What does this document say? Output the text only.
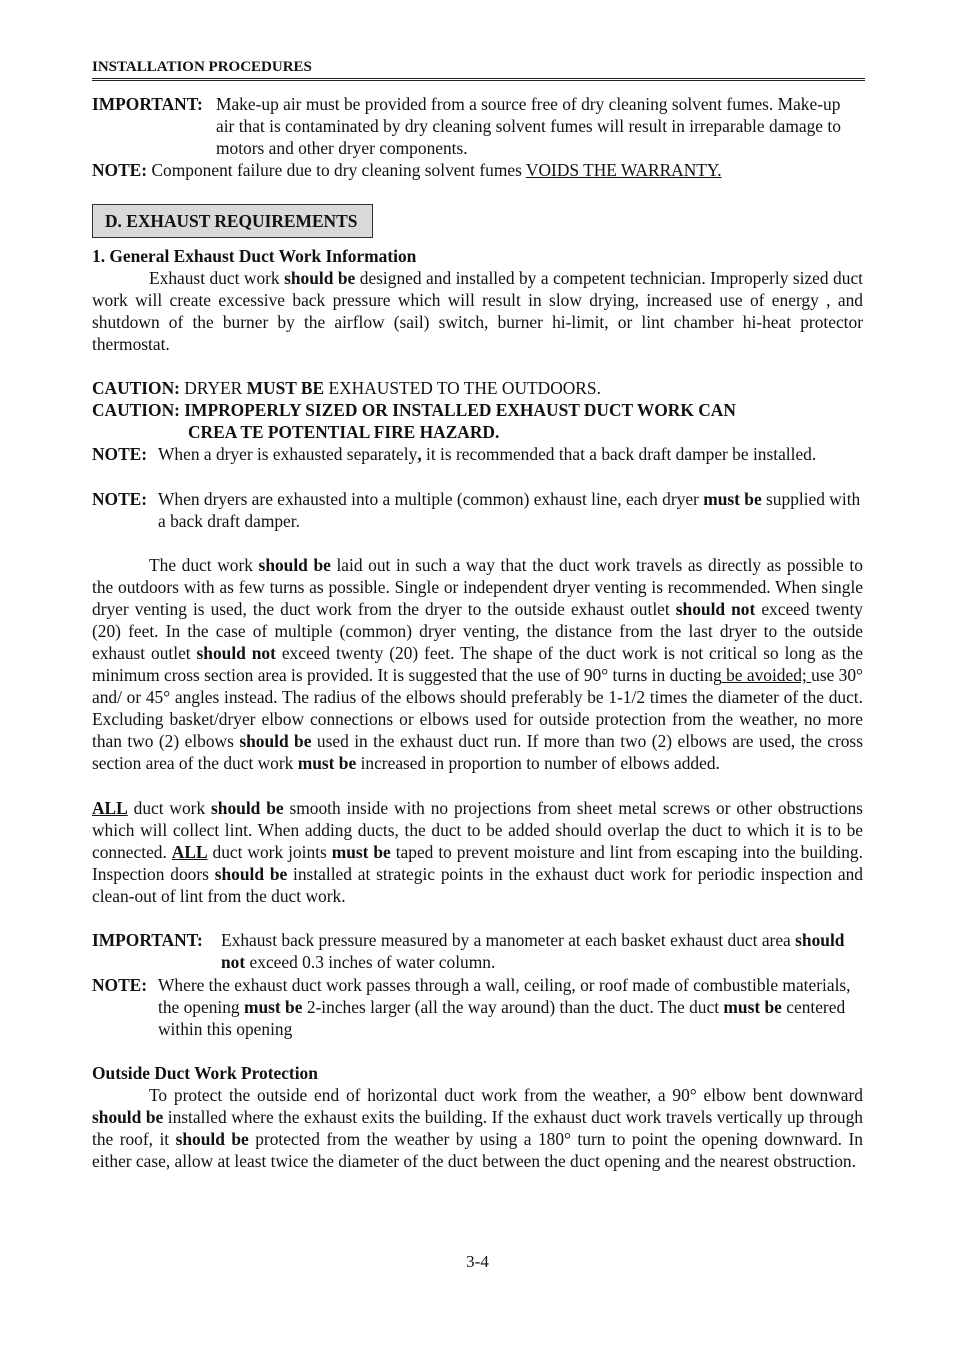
INSTALLATION PROCEDURES
IMPORTANT: Make-up air must be provided from a source free of dry cleaning solvent fumes. Make-up air that is contaminated by dry cleaning solvent fumes will result in irreparable damage to motors and other dryer components.
NOTE: Component failure due to dry cleaning solvent fumes VOIDS THE WARRANTY.
D. EXHAUST REQUIREMENTS
1. General Exhaust Duct Work Information
Exhaust duct work should be designed and installed by a competent technician. Improperly sized duct work will create excessive back pressure which will result in slow drying, increased use of energy , and shutdown of the burner by the airflow (sail) switch, burner hi-limit, or lint chamber hi-heat protector thermostat.
CAUTION: DRYER MUST BE EXHAUSTED TO THE OUTDOORS.
CAUTION: IMPROPERLY SIZED OR INSTALLED EXHAUST DUCT WORK CAN
CREA TE POTENTIAL FIRE HAZARD.
NOTE: When a dryer is exhausted separately, it is recommended that a back draft damper be installed.
NOTE: When dryers are exhausted into a multiple (common) exhaust line, each dryer must be supplied with a back draft damper.
The duct work should be laid out in such a way that the duct work travels as directly as possible to the outdoors with as few turns as possible. Single or independent dryer venting is recommended. When single dryer venting is used, the duct work from the dryer to the outside exhaust outlet should not exceed twenty (20) feet. In the case of multiple (common) dryer venting, the distance from the last dryer to the outside exhaust outlet should not exceed twenty (20) feet. The shape of the duct work is not critical so long as the minimum cross section area is provided. It is suggested that the use of 90° turns in ducting be avoided; use 30° and/ or 45° angles instead. The radius of the elbows should preferably be 1-1/2 times the diameter of the duct. Excluding basket/dryer elbow connections or elbows used for outside protection from the weather, no more than two (2) elbows should be used in the exhaust duct run. If more than two (2) elbows are used, the cross section area of the duct work must be increased in proportion to number of elbows added.
ALL duct work should be smooth inside with no projections from sheet metal screws or other obstructions which will collect lint. When adding ducts, the duct to be added should overlap the duct to which it is to be connected. ALL duct work joints must be taped to prevent moisture and lint from escaping into the building. Inspection doors should be installed at strategic points in the exhaust duct work for periodic inspection and clean-out of lint from the duct work.
IMPORTANT:	Exhaust back pressure measured by a manometer at each basket exhaust duct area should not exceed 0.3 inches of water column.
NOTE: Where the exhaust duct work passes through a wall, ceiling, or roof made of combustible materials, the opening must be 2-inches larger (all the way around) than the duct. The duct must be centered within this opening
Outside Duct Work Protection
To protect the outside end of horizontal duct work from the weather, a 90° elbow bent downward should be installed where the exhaust exits the building. If the exhaust duct work travels vertically up through the roof, it should be protected from the weather by using a 180° turn to point the opening downward. In either case, allow at least twice the diameter of the duct between the duct opening and the nearest obstruction.
3-4
